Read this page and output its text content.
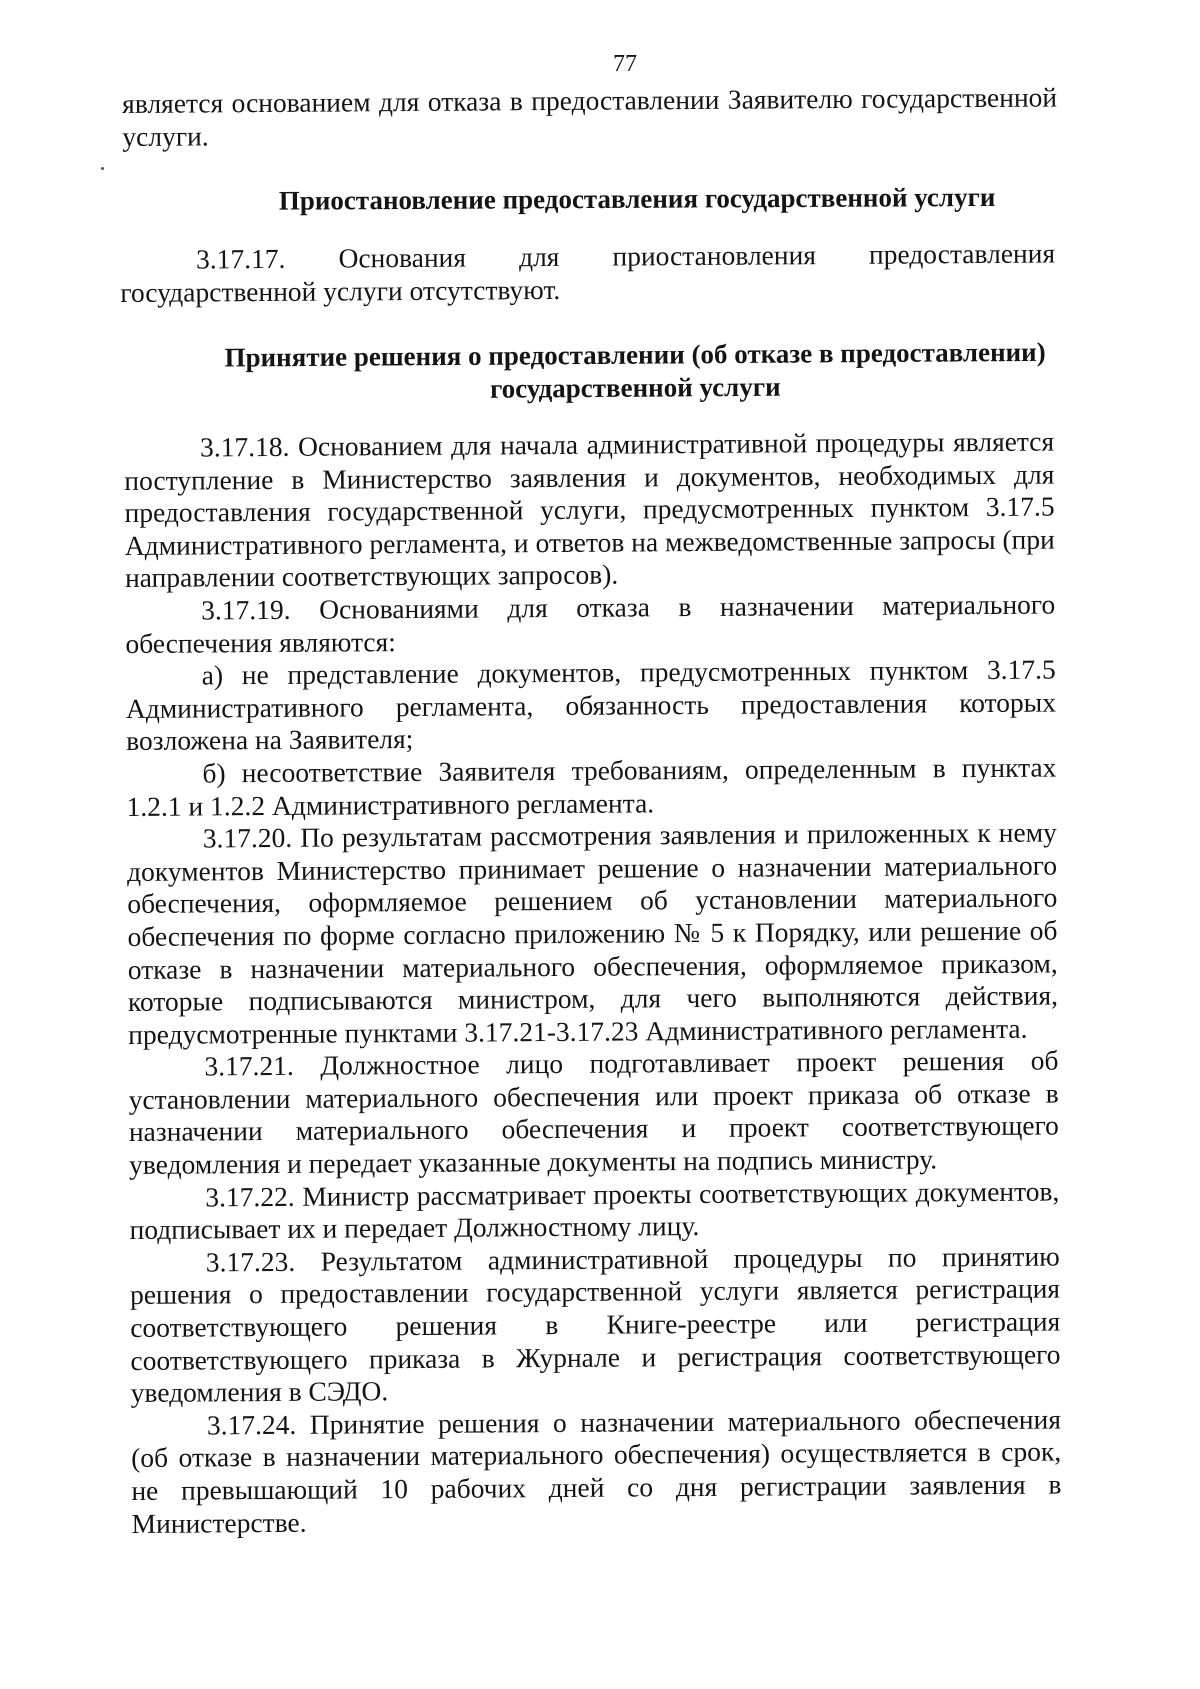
77

является основанием для отказа в предоставлении Заявителю государственной услуги.

Приостановление предоставления государственной услуги

3.17.17. Основания для приостановления предоставления государственной услуги отсутствуют.

Принятие решения о предоставлении (об отказе в предоставлении)
государственной услуги

3.17.18. Основанием для начала административной процедуры является поступление в Министерство заявления и документов, необходимых для предоставления государственной услуги, предусмотренных пунктом 3.17.5 Административного регламента, и ответов на межведомственные запросы (при направлении соответствующих запросов).

3.17.19. Основаниями для отказа в назначении материального обеспечения являются:

а) не представление документов, предусмотренных пунктом 3.17.5 Административного регламента, обязанность предоставления которых возложена на Заявителя;

б) несоответствие Заявителя требованиям, определенным в пунктах 1.2.1 и 1.2.2 Административного регламента.

3.17.20. По результатам рассмотрения заявления и приложенных к нему документов Министерство принимает решение о назначении материального обеспечения, оформляемое решением об установлении материального обеспечения по форме согласно приложению № 5 к Порядку, или решение об отказе в назначении материального обеспечения, оформляемое приказом, которые подписываются министром, для чего выполняются действия, предусмотренные пунктами 3.17.21-3.17.23 Административного регламента.

3.17.21. Должностное лицо подготавливает проект решения об установлении материального обеспечения или проект приказа об отказе в назначении материального обеспечения и проект соответствующего уведомления и передает указанные документы на подпись министру.

3.17.22. Министр рассматривает проекты соответствующих документов, подписывает их и передает Должностному лицу.

3.17.23. Результатом административной процедуры по принятию решения о предоставлении государственной услуги является регистрация соответствующего решения в Книге-реестре или регистрация соответствующего приказа в Журнале и регистрация соответствующего уведомления в СЭДО.

3.17.24. Принятие решения о назначении материального обеспечения (об отказе в назначении материального обеспечения) осуществляется в срок, не превышающий 10 рабочих дней со дня регистрации заявления в Министерстве.
